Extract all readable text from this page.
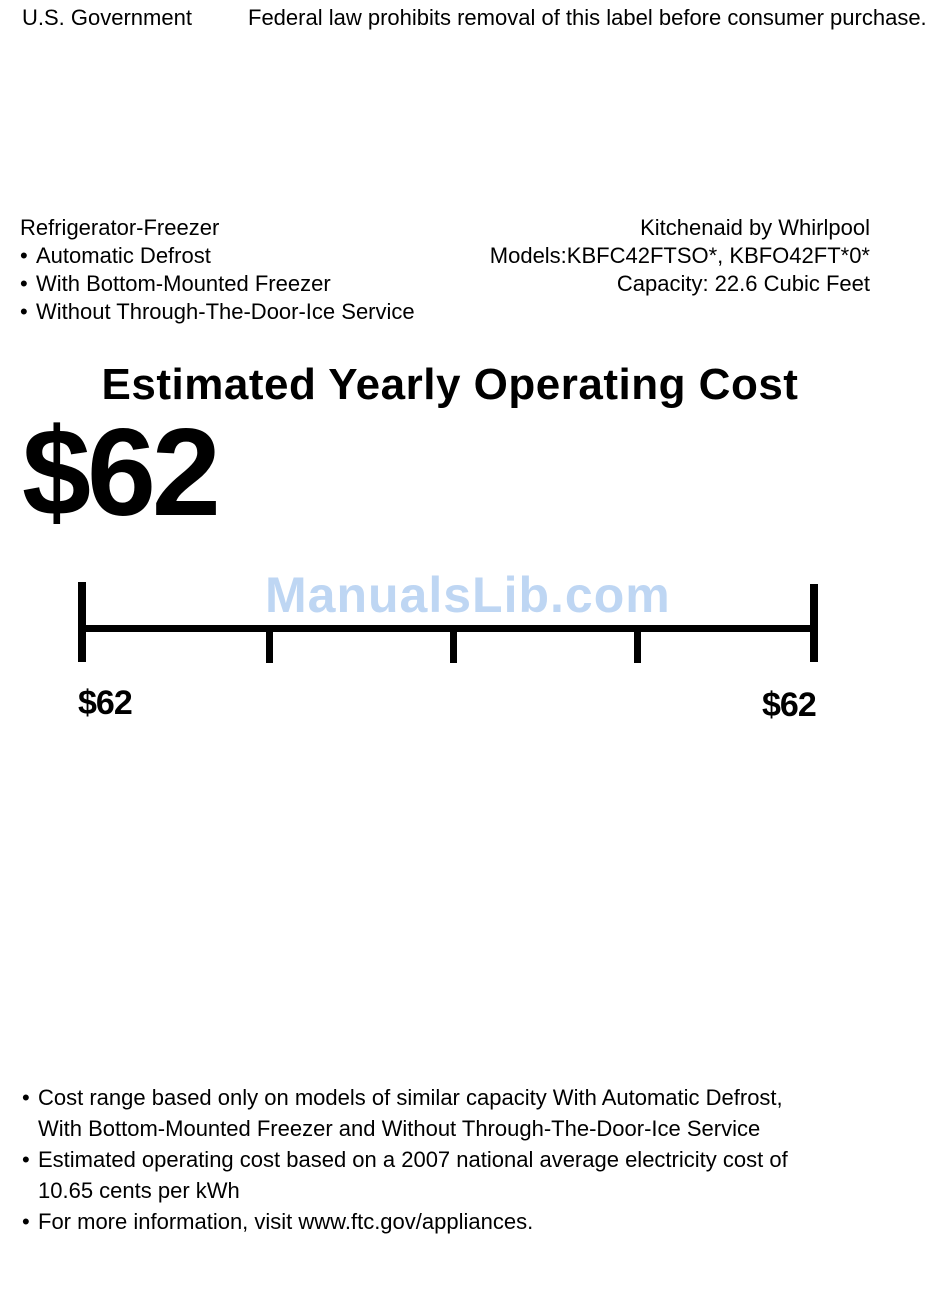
U.S. Government	Federal law prohibits removal of this label before consumer purchase.
Refrigerator-Freezer
• Automatic Defrost
• With Bottom-Mounted Freezer
• Without Through-The-Door-Ice Service
Kitchenaid by Whirlpool
Models:KBFC42FTSO*, KBFO42FT*0*
Capacity: 22.6 Cubic Feet
Estimated Yearly Operating Cost
$62
ManualsLib.com
$62	$62
• Cost range based only on models of similar capacity With Automatic Defrost,
With Bottom-Mounted Freezer and Without Through-The-Door-Ice Service
• Estimated operating cost based on a 2007 national average electricity cost of
10.65 cents per kWh
• For more information, visit www.ftc.gov/appliances.
